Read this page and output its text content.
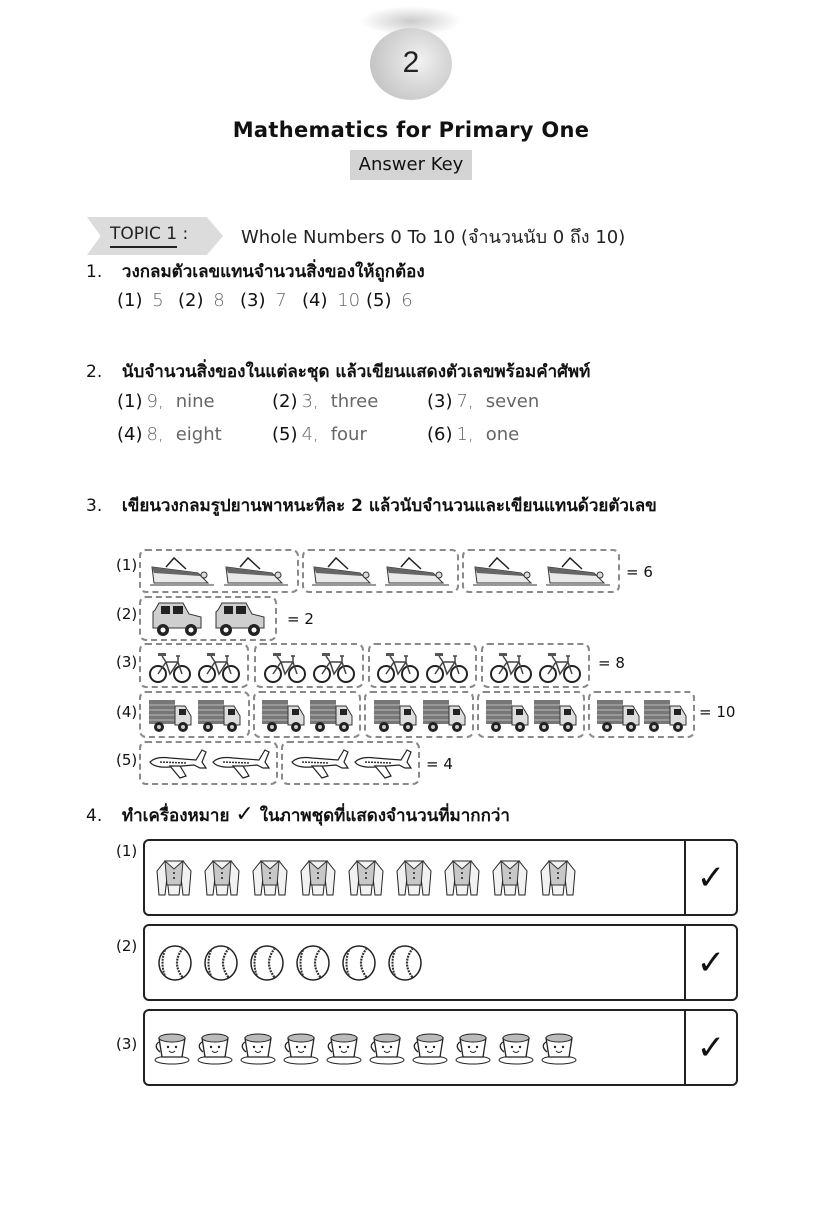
2
Mathematics for Primary One
Answer Key
TOPIC 1 :	Whole Numbers 0 To 10 (จำนวนนับ 0 ถึง 10)
1. วงกลมตัวเลขแทนจำนวนสิ่งของให้ถูกต้อง
(1) 5 (2) 8 (3) 7 (4) 10 (5) 6
2. นับจำนวนสิ่งของในแต่ละชุด แล้วเขียนแสดงตัวเลขพร้อมคำศัพท์
(1) 9, nine	(2) 3, three	(3) 7, seven
(4) 8, eight	(5) 4, four	(6) 1, one
3. เขียนวงกลมรูปยานพาหนะทีละ 2 แล้วนับจำนวนและเขียนแทนด้วยตัวเลข
(1)	= 6
(2)	= 2
(3)	= 8
(4)	= 10
(5)	= 4
4. ทำเครื่องหมาย ✓ ในภาพชุดที่แสดงจำนวนที่มากกว่า
(1)
✓
(2)	✓
(3)	✓
